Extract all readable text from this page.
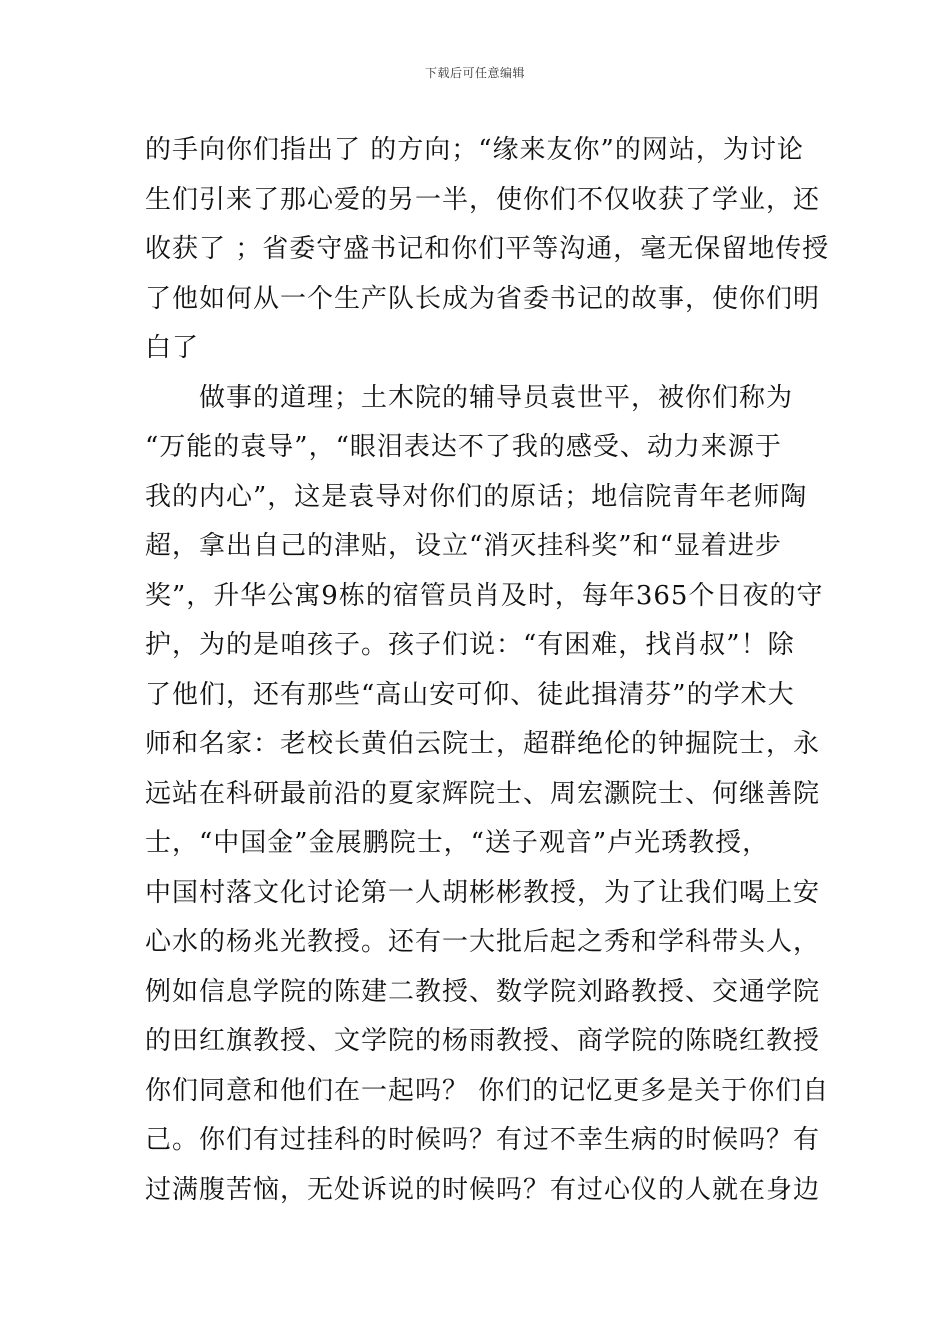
下载后可任意编辑
的手向你们指出了 的方向；“缘来友你”的网站，为讨论
生们引来了那心爱的另一半，使你们不仅收获了学业，还
收获了 ；省委守盛书记和你们平等沟通，毫无保留地传授
了他如何从一个生产队长成为省委书记的故事，使你们明
白了
做事的道理；土木院的辅导员袁世平，被你们称为
“万能的袁导”，“眼泪表达不了我的感受、动力来源于
我的内心”，这是袁导对你们的原话；地信院青年老师陶
超，拿出自己的津贴，设立“消灭挂科奖”和“显着进步
奖”，升华公寓9栋的宿管员肖及时，每年365个日夜的守
护，为的是咱孩子。孩子们说：“有困难，找肖叔”！除
了他们，还有那些“高山安可仰、徒此揖清芬”的学术大
师和名家：老校长黄伯云院士，超群绝伦的钟掘院士，永
远站在科研最前沿的夏家辉院士、周宏灏院士、何继善院
士，“中国金”金展鹏院士，“送子观音”卢光琇教授，
中国村落文化讨论第一人胡彬彬教授，为了让我们喝上安
心水的杨兆光教授。还有一大批后起之秀和学科带头人，
例如信息学院的陈建二教授、数学院刘路教授、交通学院
的田红旗教授、文学院的杨雨教授、商学院的陈晓红教授
你们同意和他们在一起吗？ 你们的记忆更多是关于你们自
己。你们有过挂科的时候吗？有过不幸生病的时候吗？有
过满腹苦恼，无处诉说的时候吗？有过心仪的人就在身边
